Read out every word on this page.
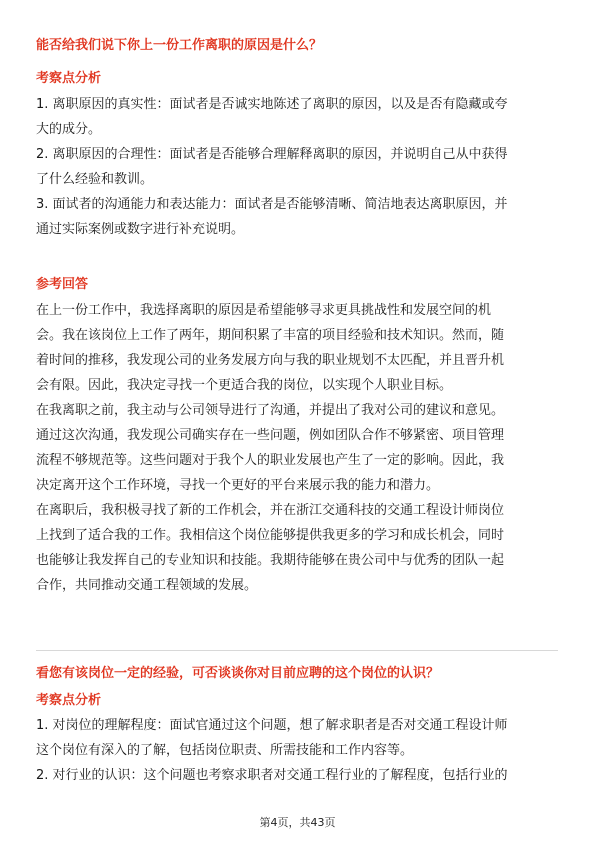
能否给我们说下你上一份工作离职的原因是什么？
考察点分析

1. 离职原因的真实性：面试者是否诚实地陈述了离职的原因，以及是否有隐藏或夸

大的成分。

2. 离职原因的合理性：面试者是否能够合理解释离职的原因，并说明自己从中获得

了什么经验和教训。

3. 面试者的沟通能力和表达能力：面试者是否能够清晰、简洁地表达离职原因，并

通过实际案例或数字进行补充说明。

参考回答

在上一份工作中，我选择离职的原因是希望能够寻求更具挑战性和发展空间的机

会。我在该岗位上工作了两年，期间积累了丰富的项目经验和技术知识。然而，随

着时间的推移，我发现公司的业务发展方向与我的职业规划不太匹配，并且晋升机

会有限。因此，我决定寻找一个更适合我的岗位，以实现个人职业目标。

在我离职之前，我主动与公司领导进行了沟通，并提出了我对公司的建议和意见。

通过这次沟通，我发现公司确实存在一些问题，例如团队合作不够紧密、项目管理

流程不够规范等。这些问题对于我个人的职业发展也产生了一定的影响。因此，我

决定离开这个工作环境，寻找一个更好的平台来展示我的能力和潜力。

在离职后，我积极寻找了新的工作机会，并在浙江交通科技的交通工程设计师岗位

上找到了适合我的工作。我相信这个岗位能够提供我更多的学习和成长机会，同时

也能够让我发挥自己的专业知识和技能。我期待能够在贵公司中与优秀的团队一起

合作，共同推动交通工程领域的发展。

看您有该岗位一定的经验，可否谈谈你对目前应聘的这个岗位的认识？
考察点分析

1. 对岗位的理解程度：面试官通过这个问题，想了解求职者是否对交通工程设计师

这个岗位有深入的了解，包括岗位职责、所需技能和工作内容等。

2. 对行业的认识：这个问题也考察求职者对交通工程行业的了解程度，包括行业的

第4页，共43页
